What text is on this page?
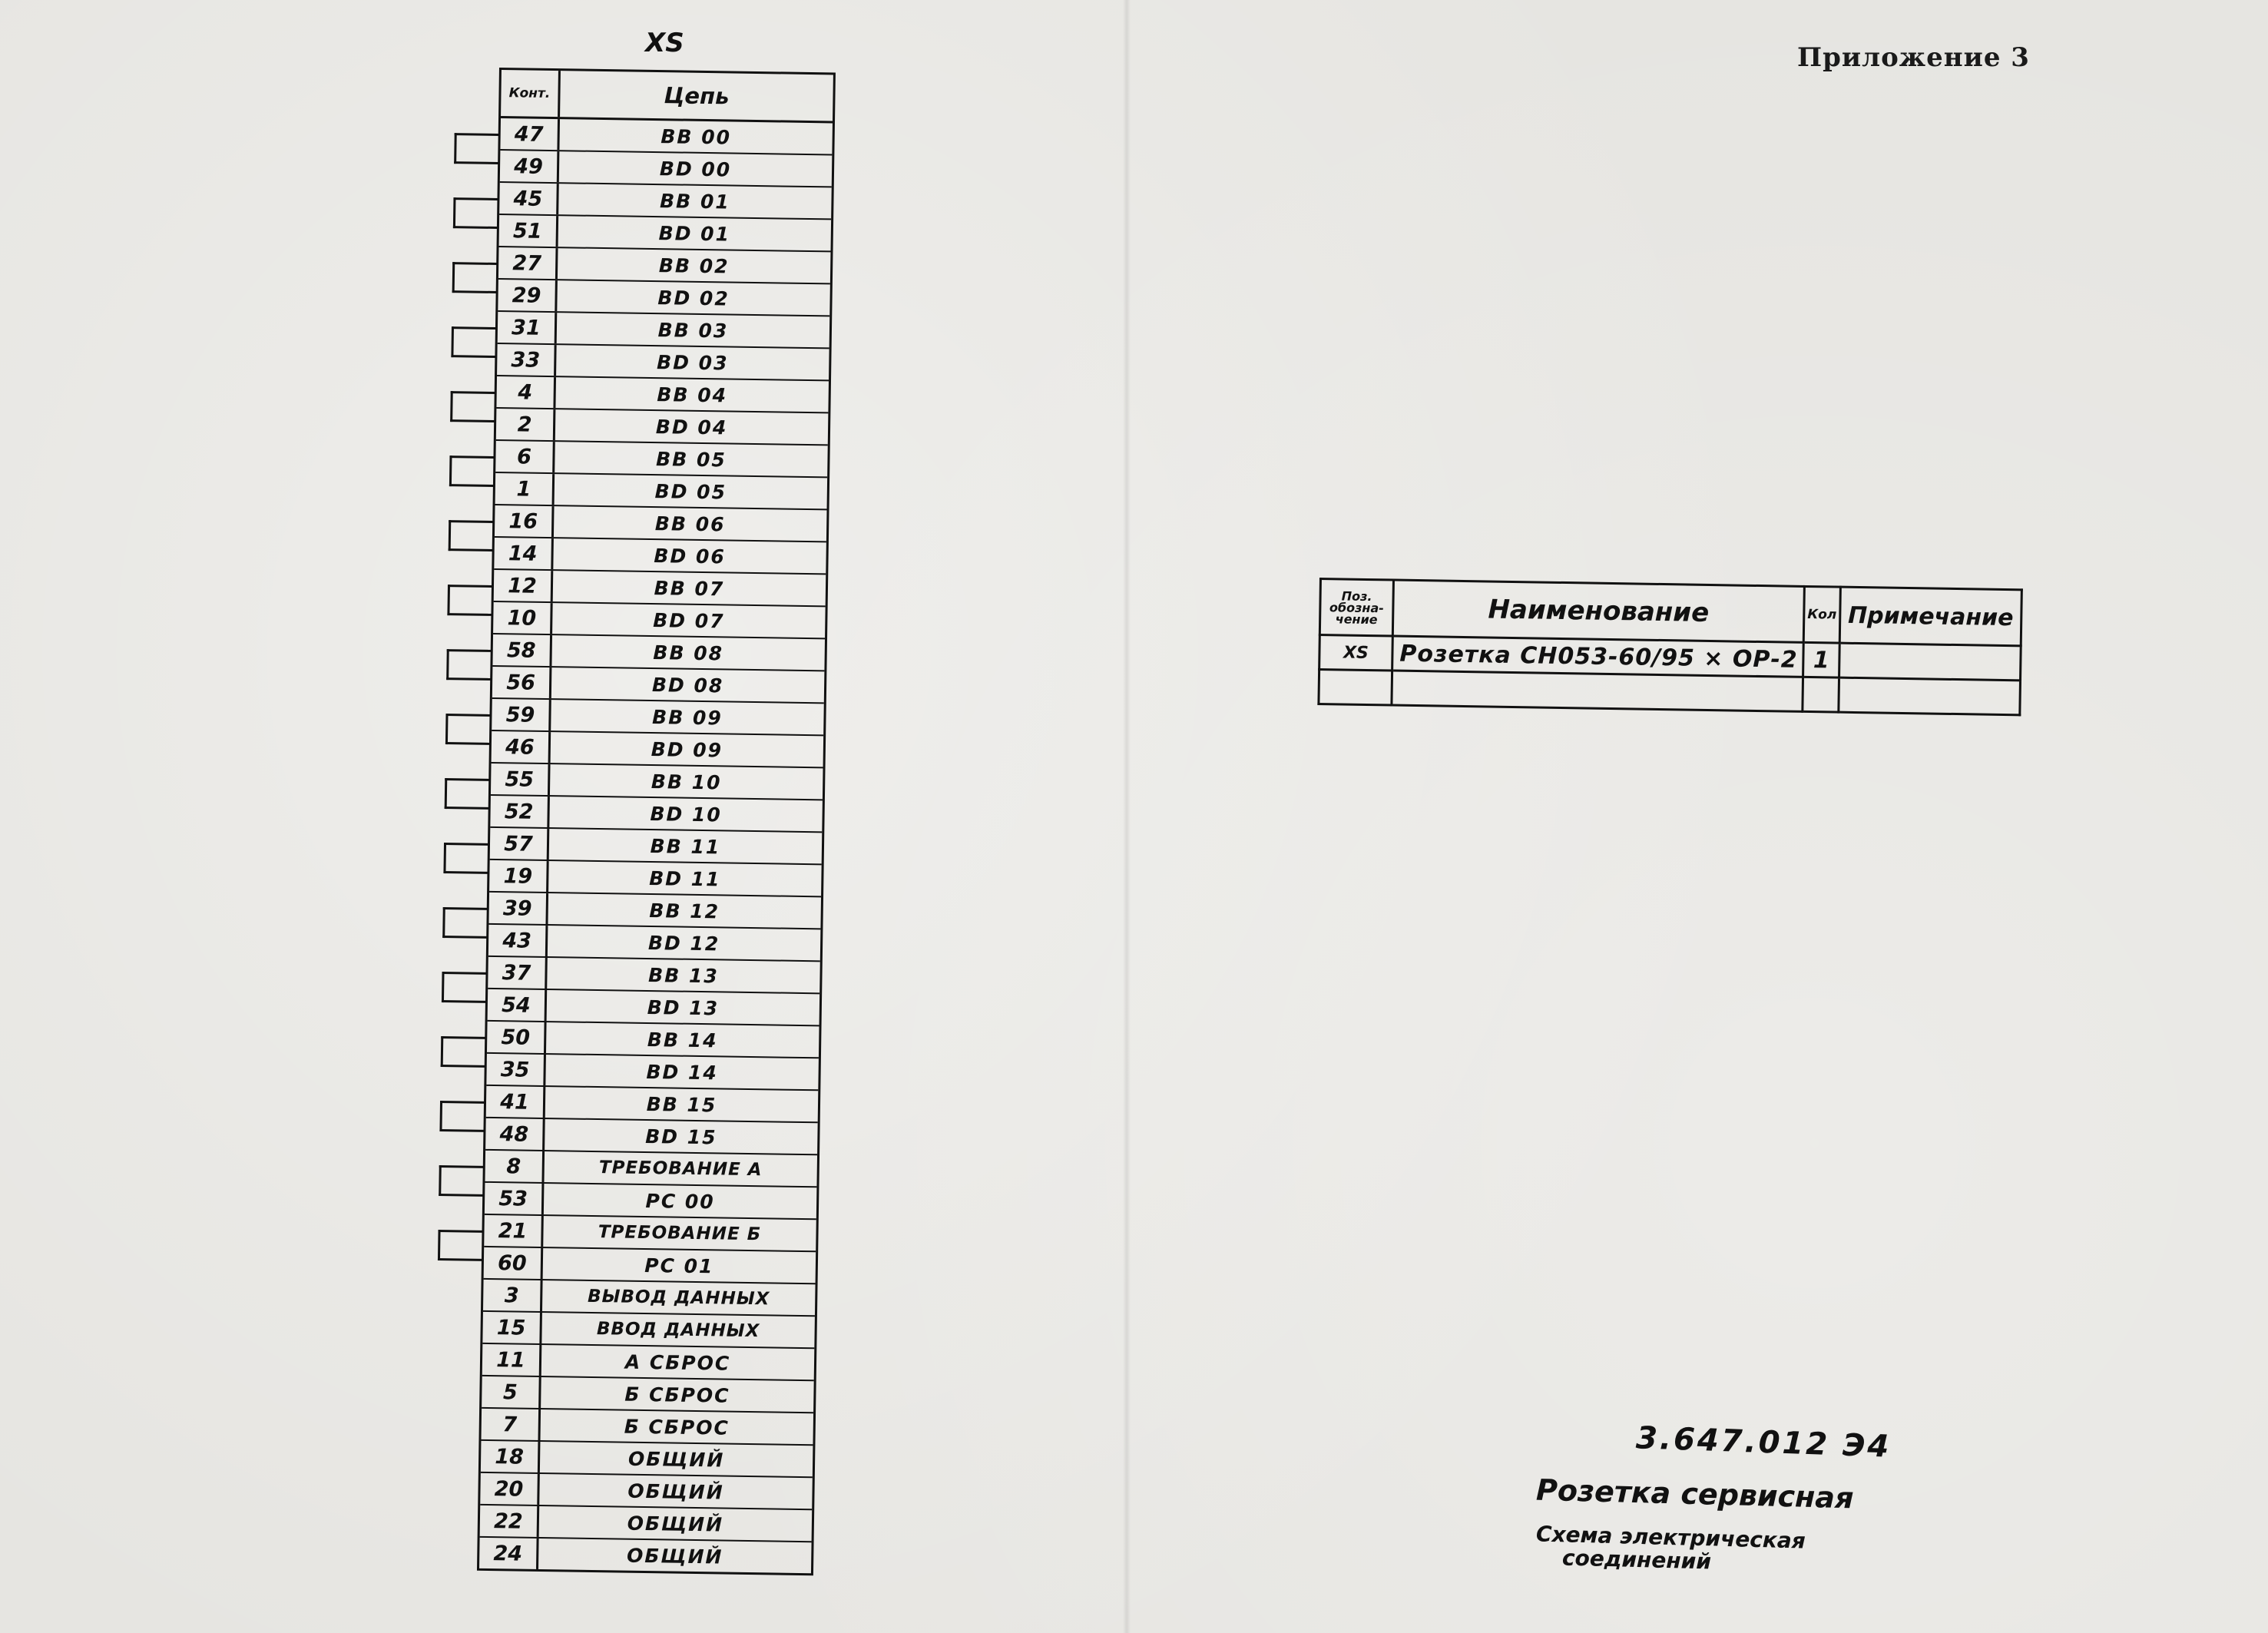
Приложение 3
XS
Конт.	Цепь
47	ВВ 00
49	ВD 00
45	ВВ 01
51	ВD 01
27	ВВ 02
29	ВD 02
31	ВВ 03
33	ВD 03
4	ВВ 04
2	ВD 04
6	ВВ 05
1	ВD 05
16	ВВ 06
14	ВD 06
12	ВВ 07
10	ВD 07
58	ВВ 08
56	ВD 08
59	ВВ 09
46	ВD 09
55	ВВ 10
52	ВD 10
57	ВВ 11
19	ВD 11
39	ВВ 12
43	ВD 12
37	ВВ 13
54	ВD 13
50	ВВ 14
35	ВD 14
41	ВВ 15
48	ВD 15
8	ТРЕБОВАНИЕ А
53	РС 00
21	ТРЕБОВАНИЕ Б
60	РС 01
3	ВЫВОД ДАННЫХ
15	ВВОД ДАННЫХ
11	А СБРОС
5	Б СБРОС
7	Б СБРОС
18	ОБЩИЙ
20	ОБЩИЙ
22	ОБЩИЙ
24	ОБЩИЙ
Поз. обозна- чение	Наименование	Кол	Примечание
XS	Розетка СН053-60/95 × ОР-2	1	

3.647.012 Э4
Розетка сервисная
Схема электрическая
соединений
